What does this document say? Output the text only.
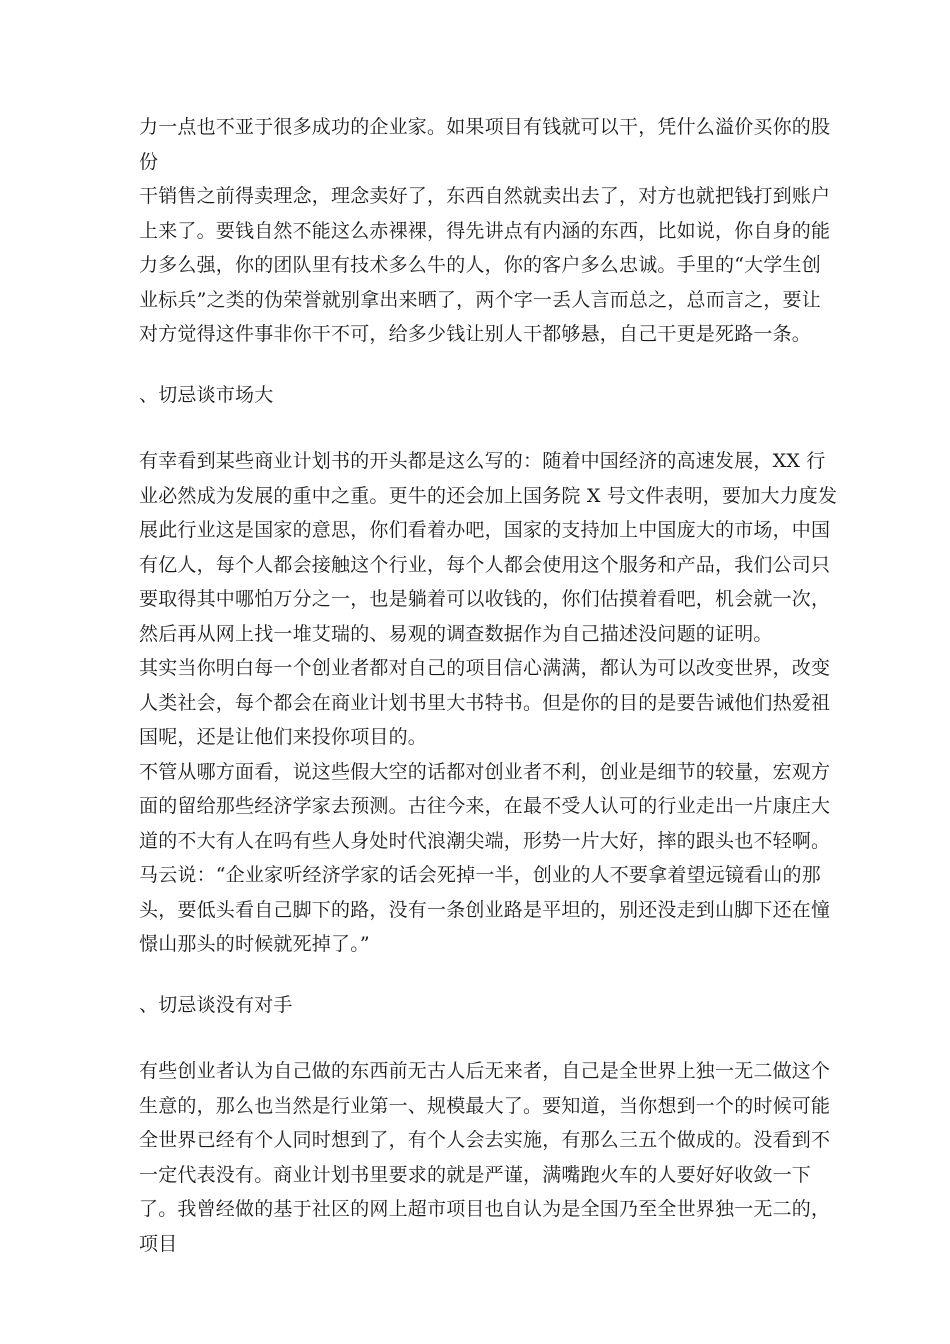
力一点也不亚于很多成功的企业家。如果项目有钱就可以干，凭什么溢价买你的股份

干销售之前得卖理念，理念卖好了，东西自然就卖出去了，对方也就把钱打到账户上来了。要钱自然不能这么赤裸裸，得先讲点有内涵的东西，比如说，你自身的能力多么强，你的团队里有技术多么牛的人，你的客户多么忠诚。手里的“大学生创业标兵”之类的伪荣誉就别拿出来晒了，两个字一丢人言而总之，总而言之，要让对方觉得这件事非你干不可，给多少钱让别人干都够悬，自己干更是死路一条。

、切忌谈市场大

有幸看到某些商业计划书的开头都是这么写的：随着中国经济的高速发展，XX 行业必然成为发展的重中之重。更牛的还会加上国务院 X 号文件表明，要加大力度发展此行业这是国家的意思，你们看着办吧，国家的支持加上中国庞大的市场，中国有亿人，每个人都会接触这个行业，每个人都会使用这个服务和产品，我们公司只要取得其中哪怕万分之一，也是躺着可以收钱的，你们估摸着看吧，机会就一次，然后再从网上找一堆艾瑞的、易观的调查数据作为自己描述没问题的证明。

其实当你明白每一个创业者都对自己的项目信心满满，都认为可以改变世界，改变人类社会，每个都会在商业计划书里大书特书。但是你的目的是要告诫他们热爱祖国呢，还是让他们来投你项目的。

不管从哪方面看，说这些假大空的话都对创业者不利，创业是细节的较量，宏观方面的留给那些经济学家去预测。古往今来，在最不受人认可的行业走出一片康庄大道的不大有人在吗有些人身处时代浪潮尖端，形势一片大好，摔的跟头也不轻啊。

马云说：“企业家听经济学家的话会死掉一半，创业的人不要拿着望远镜看山的那头，要低头看自己脚下的路，没有一条创业路是平坦的，别还没走到山脚下还在憧憬山那头的时候就死掉了。”

、切忌谈没有对手

有些创业者认为自己做的东西前无古人后无来者，自己是全世界上独一无二做这个生意的，那么也当然是行业第一、规模最大了。要知道，当你想到一个的时候可能全世界已经有个人同时想到了，有个人会去实施，有那么三五个做成的。没看到不一定代表没有。商业计划书里要求的就是严谨，满嘴跑火车的人要好好收敛一下了。我曾经做的基于社区的网上超市项目也自认为是全国乃至全世界独一无二的，项目
